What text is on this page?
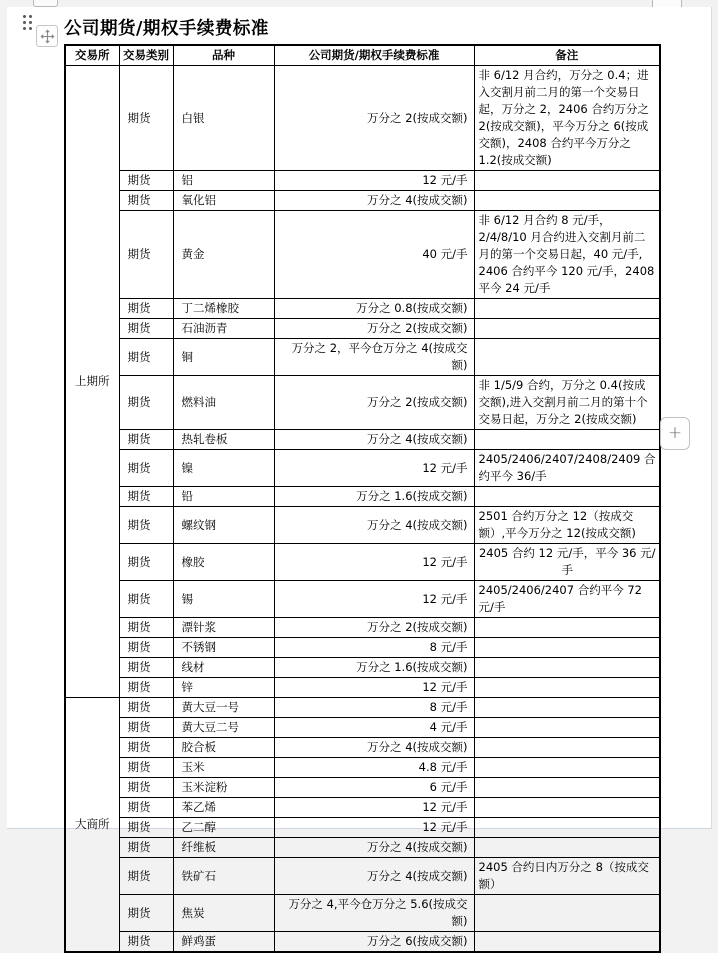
公司期货/期权手续费标准
交易所	交易类别	品种	公司期货/期权手续费标准	备注
上期所	期货	白银	万分之 2(按成交额)	非 6/12 月合约，万分之 0.4；进入交割月前二月的第一个交易日起，万分之 2，2406 合约万分之 2(按成交额)，平今万分之 6(按成交额)，2408 合约平今万分之 1.2(按成交额)
	期货	铝	12 元/手	
	期货	氧化铝	万分之 4(按成交额)	
	期货	黄金	40 元/手	非 6/12 月合约 8 元/手，2/4/8/10 月合约进入交割月前二月的第一个交易日起，40 元/手, 2406 合约平今 120 元/手，2408 平今 24 元/手
	期货	丁二烯橡胶	万分之 0.8(按成交额)	
	期货	石油沥青	万分之 2(按成交额)	
	期货	铜	万分之 2，平今仓万分之 4(按成交额)	
	期货	燃料油	万分之 2(按成交额)	非 1/5/9 合约，万分之 0.4(按成交额),进入交割月前二月的第十个交易日起，万分之 2(按成交额)
	期货	热轧卷板	万分之 4(按成交额)	
	期货	镍	12 元/手	2405/2406/2407/2408/2409 合约平今 36/手
	期货	铅	万分之 1.6(按成交额)	
	期货	螺纹钢	万分之 4(按成交额)	2501 合约万分之 12（按成交额）,平今万分之 12(按成交额)
	期货	橡胶	12 元/手	2405 合约 12 元/手，平今 36 元/手
	期货	锡	12 元/手	2405/2406/2407 合约平今 72 元/手
	期货	漂针浆	万分之 2(按成交额)	
	期货	不锈钢	8 元/手	
	期货	线材	万分之 1.6(按成交额)	
	期货	锌	12 元/手	
大商所	期货	黄大豆一号	8 元/手	
	期货	黄大豆二号	4 元/手	
	期货	胶合板	万分之 4(按成交额)	
	期货	玉米	4.8 元/手	
	期货	玉米淀粉	6 元/手	
	期货	苯乙烯	12 元/手	
	期货	乙二醇	12 元/手	
	期货	纤维板	万分之 4(按成交额)	
	期货	铁矿石	万分之 4(按成交额)	2405 合约日内万分之 8（按成交额）
	期货	焦炭	万分之 4,平今仓万分之 5.6(按成交额)	
	期货	鲜鸡蛋	万分之 6(按成交额)	
+
